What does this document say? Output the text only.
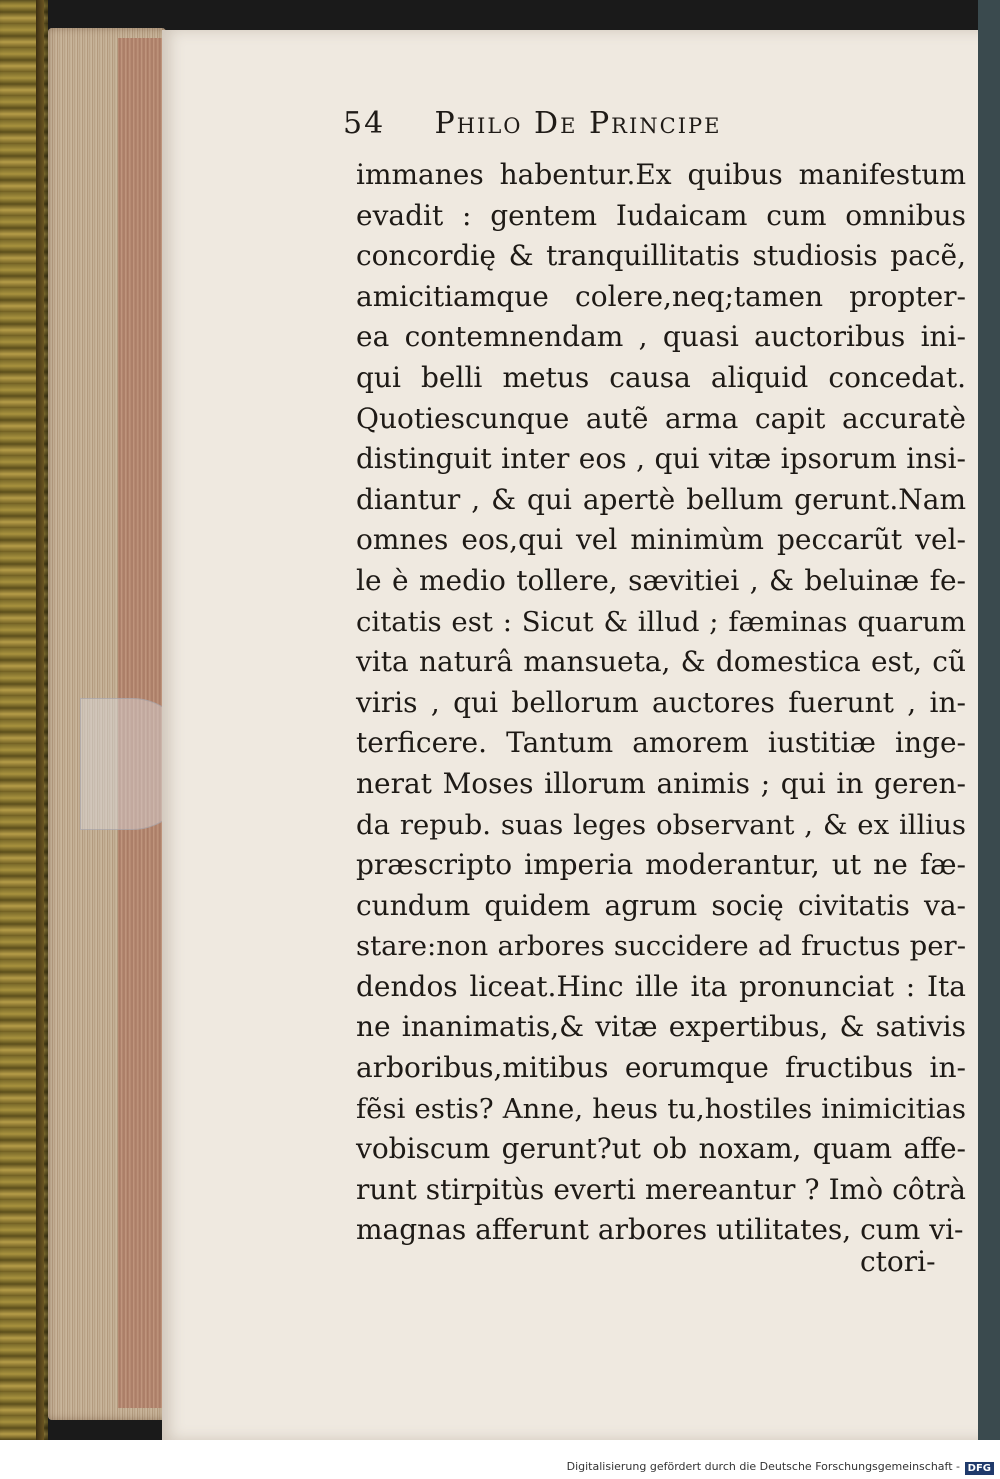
54 Philo De Principe
immanes habentur.Ex quibus manifestum
evadit : gentem Iudaicam cum omnibus
concordię & tranquillitatis studiosis pacẽ,
amicitiamque colere,neq;tamen propter-
ea contemnendam , quasi auctoribus ini-
qui belli metus causa aliquid concedat.
Quotiescunque autẽ arma capit accuratè
distinguit inter eos , qui vitæ ipsorum insi-
diantur , & qui apertè bellum gerunt.Nam
omnes eos,qui vel minimùm peccarũt vel-
le è medio tollere, sævitiei , & beluinæ fe-
citatis est : Sicut & illud ; fæminas quarum
vita naturâ mansueta, & domestica est, cũ
viris , qui bellorum auctores fuerunt , in-
terficere. Tantum amorem iustitiæ inge-
nerat Moses illorum animis ; qui in geren-
da repub. suas leges observant , & ex illius
præscripto imperia moderantur, ut ne fæ-
cundum quidem agrum socię civitatis va-
stare:non arbores succidere ad fructus per-
dendos liceat.Hinc ille ita pronunciat : Ita
ne inanimatis,& vitæ expertibus, & sativis
arboribus,mitibus eorumque fructibus in-
fẽsi estis? Anne, heus tu,hostiles inimicitias
vobiscum gerunt?ut ob noxam, quam affe-
runt stirpitùs everti mereantur ? Imò côtrà
magnas afferunt arbores utilitates, cum vi-
ctori-
Digitalisierung gefördert durch die Deutsche Forschungsgemeinschaft - DFG
